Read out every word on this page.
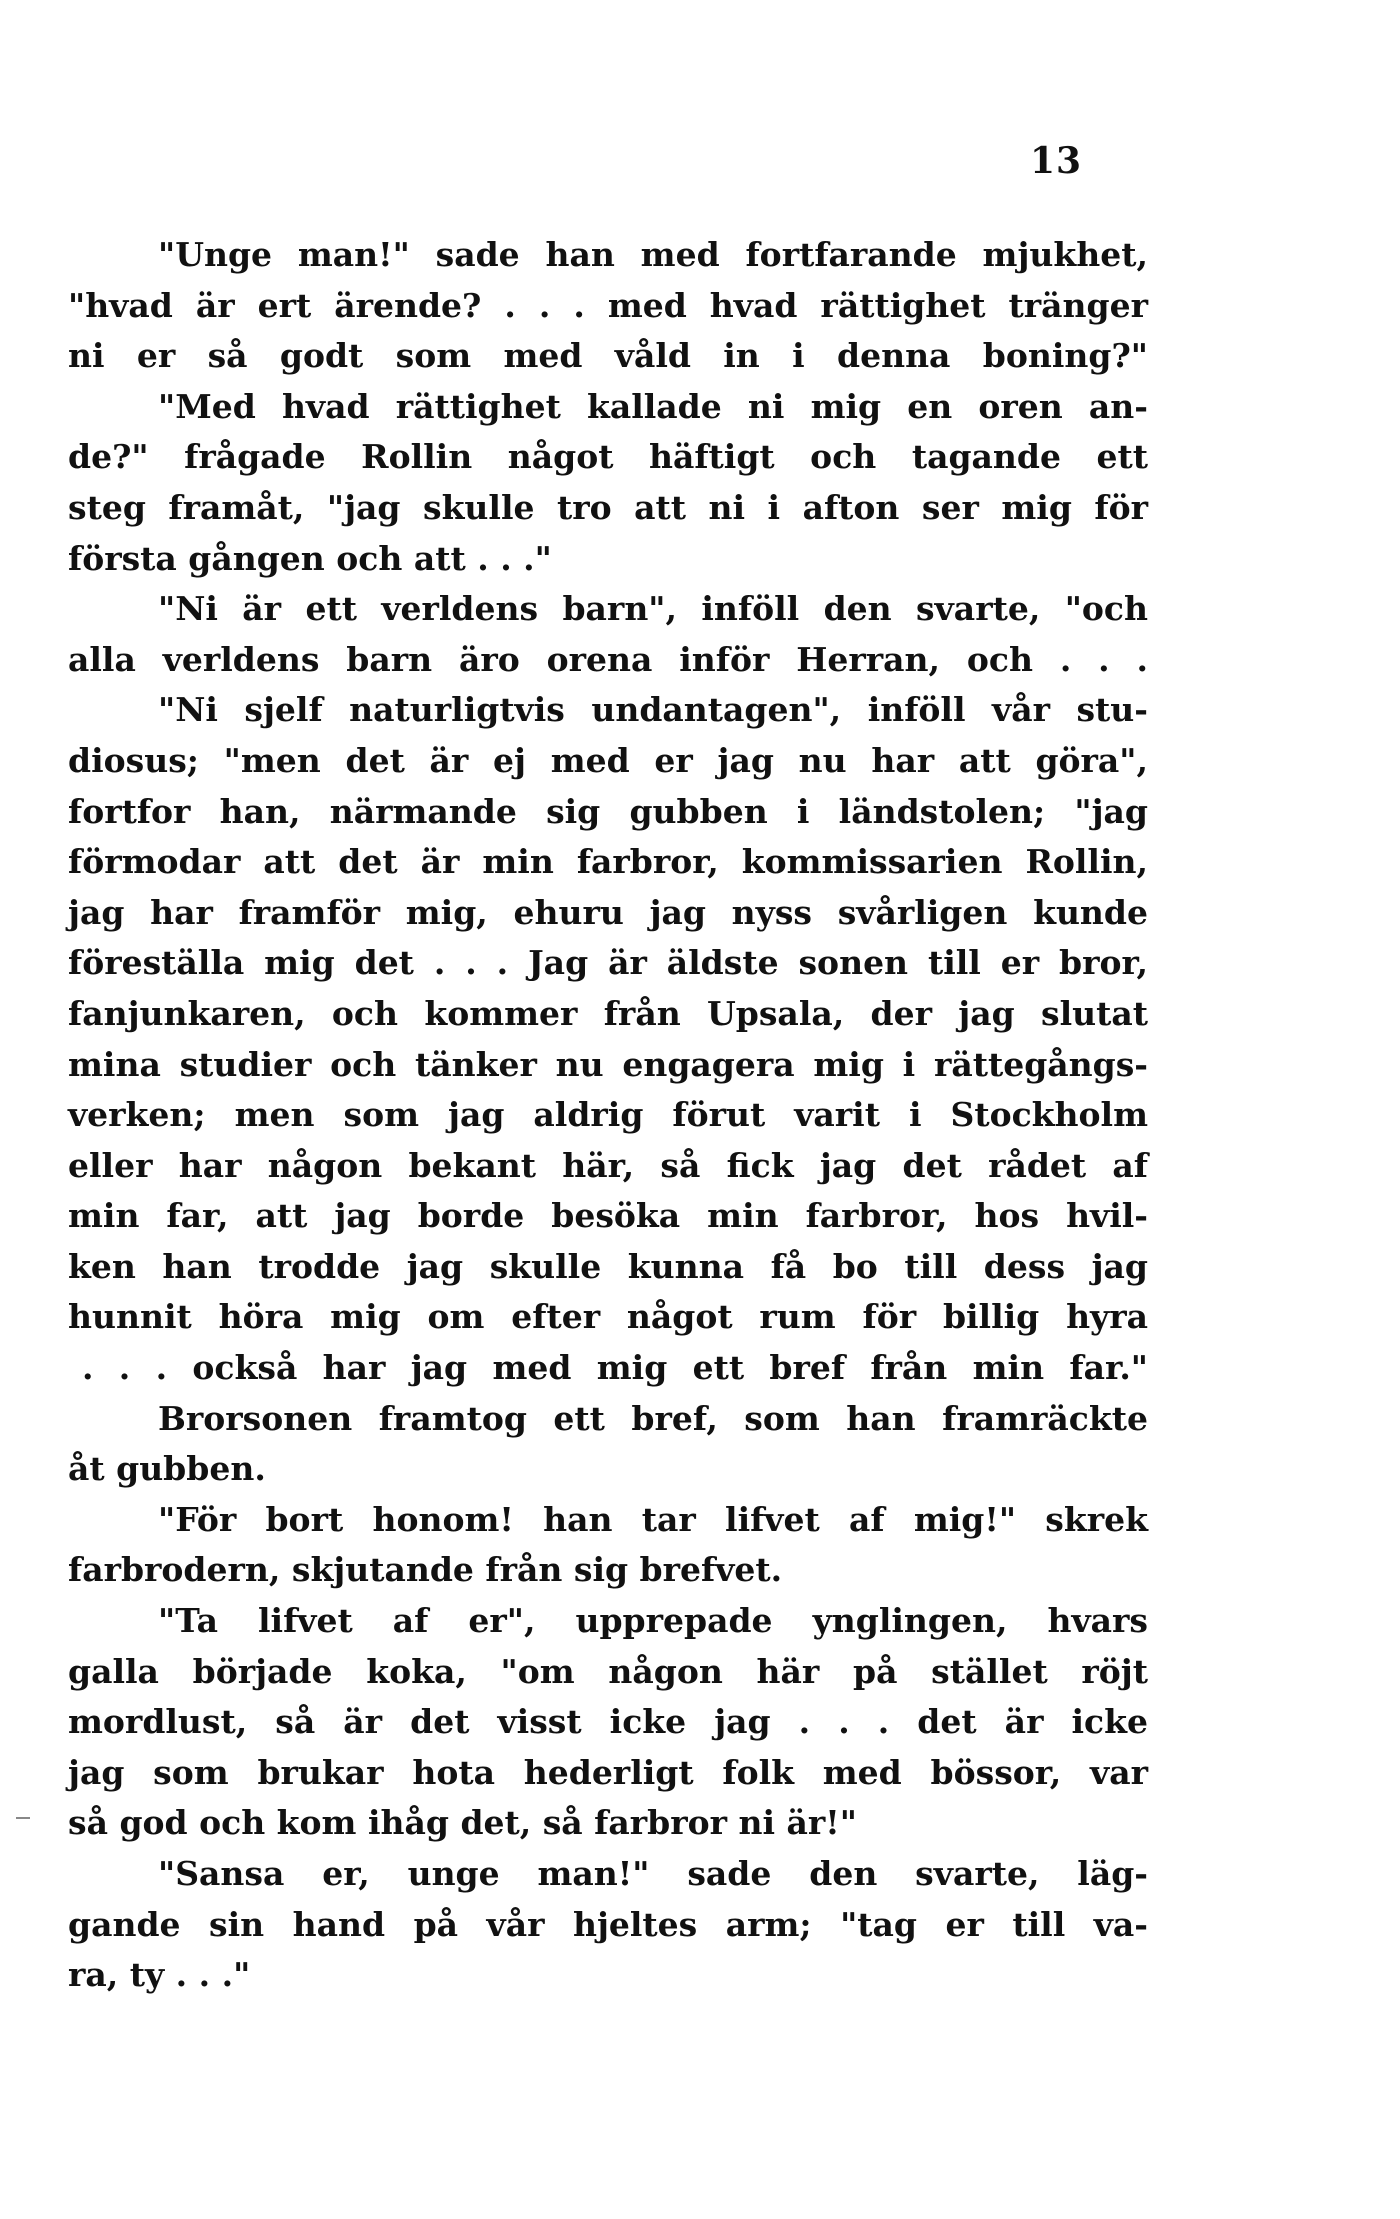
13
"Unge man!" sade han med fortfarande mjukhet,
"hvad är ert ärende? . . . med hvad rättighet tränger
ni er så godt som med våld in i denna boning?"
"Med hvad rättighet kallade ni mig en oren an-
de?" frågade Rollin något häftigt och tagande ett
steg framåt, "jag skulle tro att ni i afton ser mig för
första gången och att . . ."
"Ni är ett verldens barn", inföll den svarte, "och
alla verldens barn äro orena inför Herran, och . . .
"Ni sjelf naturligtvis undantagen", inföll vår stu-
diosus; "men det är ej med er jag nu har att göra",
fortfor han, närmande sig gubben i ländstolen; "jag
förmodar att det är min farbror, kommissarien Rollin,
jag har framför mig, ehuru jag nyss svårligen kunde
föreställa mig det . . . Jag är äldste sonen till er bror,
fanjunkaren, och kommer från Upsala, der jag slutat
mina studier och tänker nu engagera mig i rättegångs-
verken; men som jag aldrig förut varit i Stockholm
eller har någon bekant här, så fick jag det rådet af
min far, att jag borde besöka min farbror, hos hvil-
ken han trodde jag skulle kunna få bo till dess jag
hunnit höra mig om efter något rum för billig hyra
. . . också har jag med mig ett bref från min far."
Brorsonen framtog ett bref, som han framräckte
åt gubben.
"För bort honom! han tar lifvet af mig!" skrek
farbrodern, skjutande från sig brefvet.
"Ta lifvet af er", upprepade ynglingen, hvars
galla började koka, "om någon här på stället röjt
mordlust, så är det visst icke jag . . . det är icke
jag som brukar hota hederligt folk med bössor, var
så god och kom ihåg det, så farbror ni är!"
"Sansa er, unge man!" sade den svarte, läg-
gande sin hand på vår hjeltes arm; "tag er till va-
ra, ty . . ."
